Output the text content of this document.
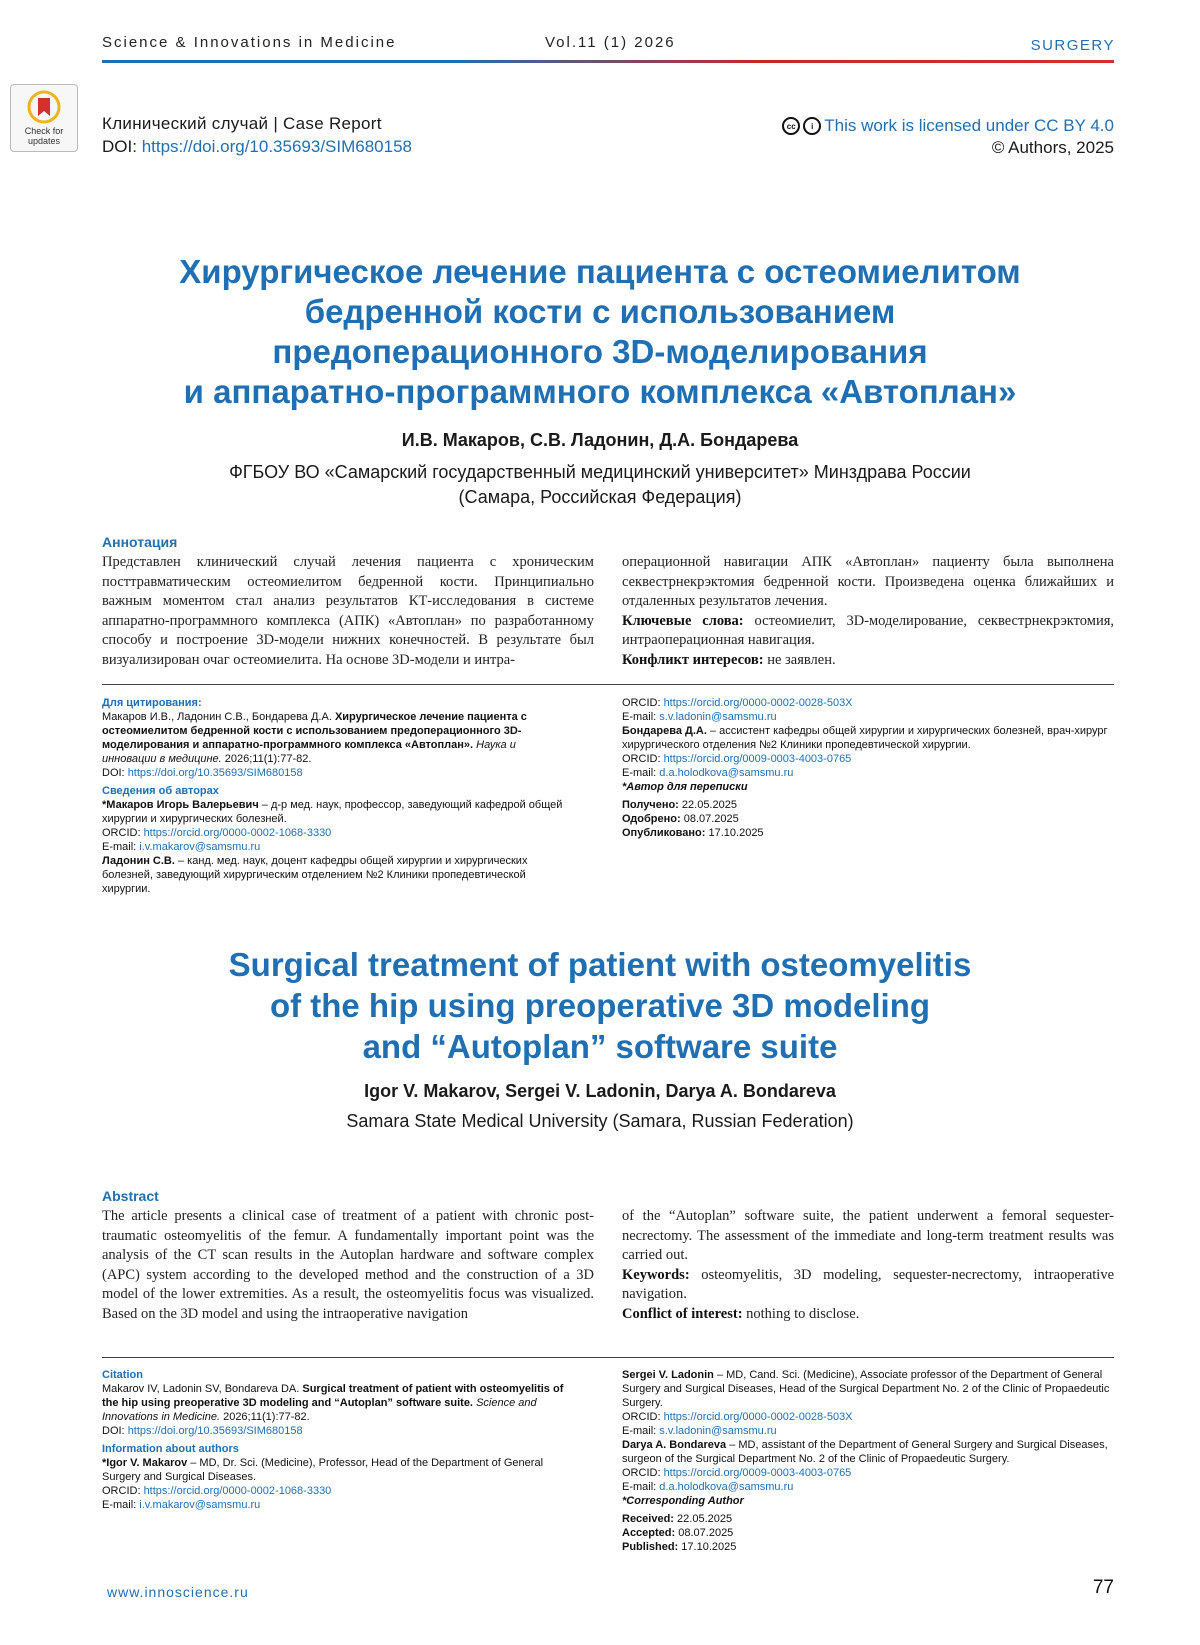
Science & Innovations in Medicine	Vol.11 (1) 2026	SURGERY
Check for
updates
Клинический случай | Case Report
DOI: https://doi.org/10.35693/SIM680158
cc	i This work is licensed under CC BY 4.0
© Authors, 2025
Хирургическое лечение пациента с остеомиелитом
бедренной кости с использованием
предоперационного 3D-моделирования
и аппаратно-программного комплекса «Автоплан»
И.В. Макаров, С.В. Ладонин, Д.А. Бондарева
ФГБОУ ВО «Самарский государственный медицинский университет» Минздрава России
(Самара, Российская Федерация)
Аннотация
Представлен клинический случай лечения пациента с хроническим посттравматическим остеомиелитом бедренной кости. Принципиально важным моментом стал анализ результатов КТ-исследования в системе аппаратно-программного комплекса (АПК) «Автоплан» по разработанному способу и построение 3D-модели нижних конечностей. В результате был визуализирован очаг остеомиелита. На основе 3D-модели и интра-
операционной навигации АПК «Автоплан» пациенту была выполнена секвестрнекрэктомия бедренной кости. Произведена оценка ближайших и отдаленных результатов лечения.
Ключевые слова: остеомиелит, 3D-моделирование, секвестрнекрэктомия, интраоперационная навигация.
Конфликт интересов: не заявлен.
Для цитирования:
Макаров И.В., Ладонин С.В., Бондарева Д.А. Хирургическое лечение пациента с остеомиелитом бедренной кости с использованием предоперационного 3D-моделирования и аппаратно-программного комплекса «Автоплан». Наука и инновации в медицине. 2026;11(1):77-82.
DOI: https://doi.org/10.35693/SIM680158
Сведения об авторах
*Макаров Игорь Валерьевич – д-р мед. наук, профессор, заведующий кафедрой общей хирургии и хирургических болезней.
ORCID: https://orcid.org/0000-0002-1068-3330
E-mail: i.v.makarov@samsmu.ru
Ладонин С.В. – канд. мед. наук, доцент кафедры общей хирургии и хирургических болезней, заведующий хирургическим отделением №2 Клиники пропедевтической хирургии.
ORCID: https://orcid.org/0000-0002-0028-503X
E-mail: s.v.ladonin@samsmu.ru
Бондарева Д.А. – ассистент кафедры общей хирургии и хирургических болезней, врач-хирург хирургического отделения №2 Клиники пропедевтической хирургии.
ORCID: https://orcid.org/0009-0003-4003-0765
E-mail: d.a.holodkova@samsmu.ru
*Автор для переписки
Получено: 22.05.2025
Одобрено: 08.07.2025
Опубликовано: 17.10.2025
Surgical treatment of patient with osteomyelitis
of the hip using preoperative 3D modeling
and “Autoplan” software suite
Igor V. Makarov, Sergei V. Ladonin, Darya A. Bondareva
Samara State Medical University (Samara, Russian Federation)
Abstract
The article presents a clinical case of treatment of a patient with chronic post-traumatic osteomyelitis of the femur. A fundamentally important point was the analysis of the CT scan results in the Autoplan hardware and software complex (APC) system according to the developed method and the construction of a 3D model of the lower extremities. As a result, the osteomyelitis focus was visualized. Based on the 3D model and using the intraoperative navigation
of the “Autoplan” software suite, the patient underwent a femoral sequester-necrectomy. The assessment of the immediate and long-term treatment results was carried out.
Keywords: osteomyelitis, 3D modeling, sequester-necrectomy, intraoperative navigation.
Conflict of interest: nothing to disclose.
Citation
Makarov IV, Ladonin SV, Bondareva DA. Surgical treatment of patient with osteomyelitis of the hip using preoperative 3D modeling and “Autoplan” software suite. Science and Innovations in Medicine. 2026;11(1):77-82.
DOI: https://doi.org/10.35693/SIM680158
Information about authors
*Igor V. Makarov – MD, Dr. Sci. (Medicine), Professor, Head of the Department of General Surgery and Surgical Diseases.
ORCID: https://orcid.org/0000-0002-1068-3330
E-mail: i.v.makarov@samsmu.ru
Sergei V. Ladonin – MD, Cand. Sci. (Medicine), Associate professor of the Department of General Surgery and Surgical Diseases, Head of the Surgical Department No. 2 of the Clinic of Propaedeutic Surgery.
ORCID: https://orcid.org/0000-0002-0028-503X
E-mail: s.v.ladonin@samsmu.ru
Darya A. Bondareva – MD, assistant of the Department of General Surgery and Surgical Diseases, surgeon of the Surgical Department No. 2 of the Clinic of Propaedeutic Surgery.
ORCID: https://orcid.org/0009-0003-4003-0765
E-mail: d.a.holodkova@samsmu.ru
*Corresponding Author
Received: 22.05.2025
Accepted: 08.07.2025
Published: 17.10.2025
www.innoscience.ru	77
